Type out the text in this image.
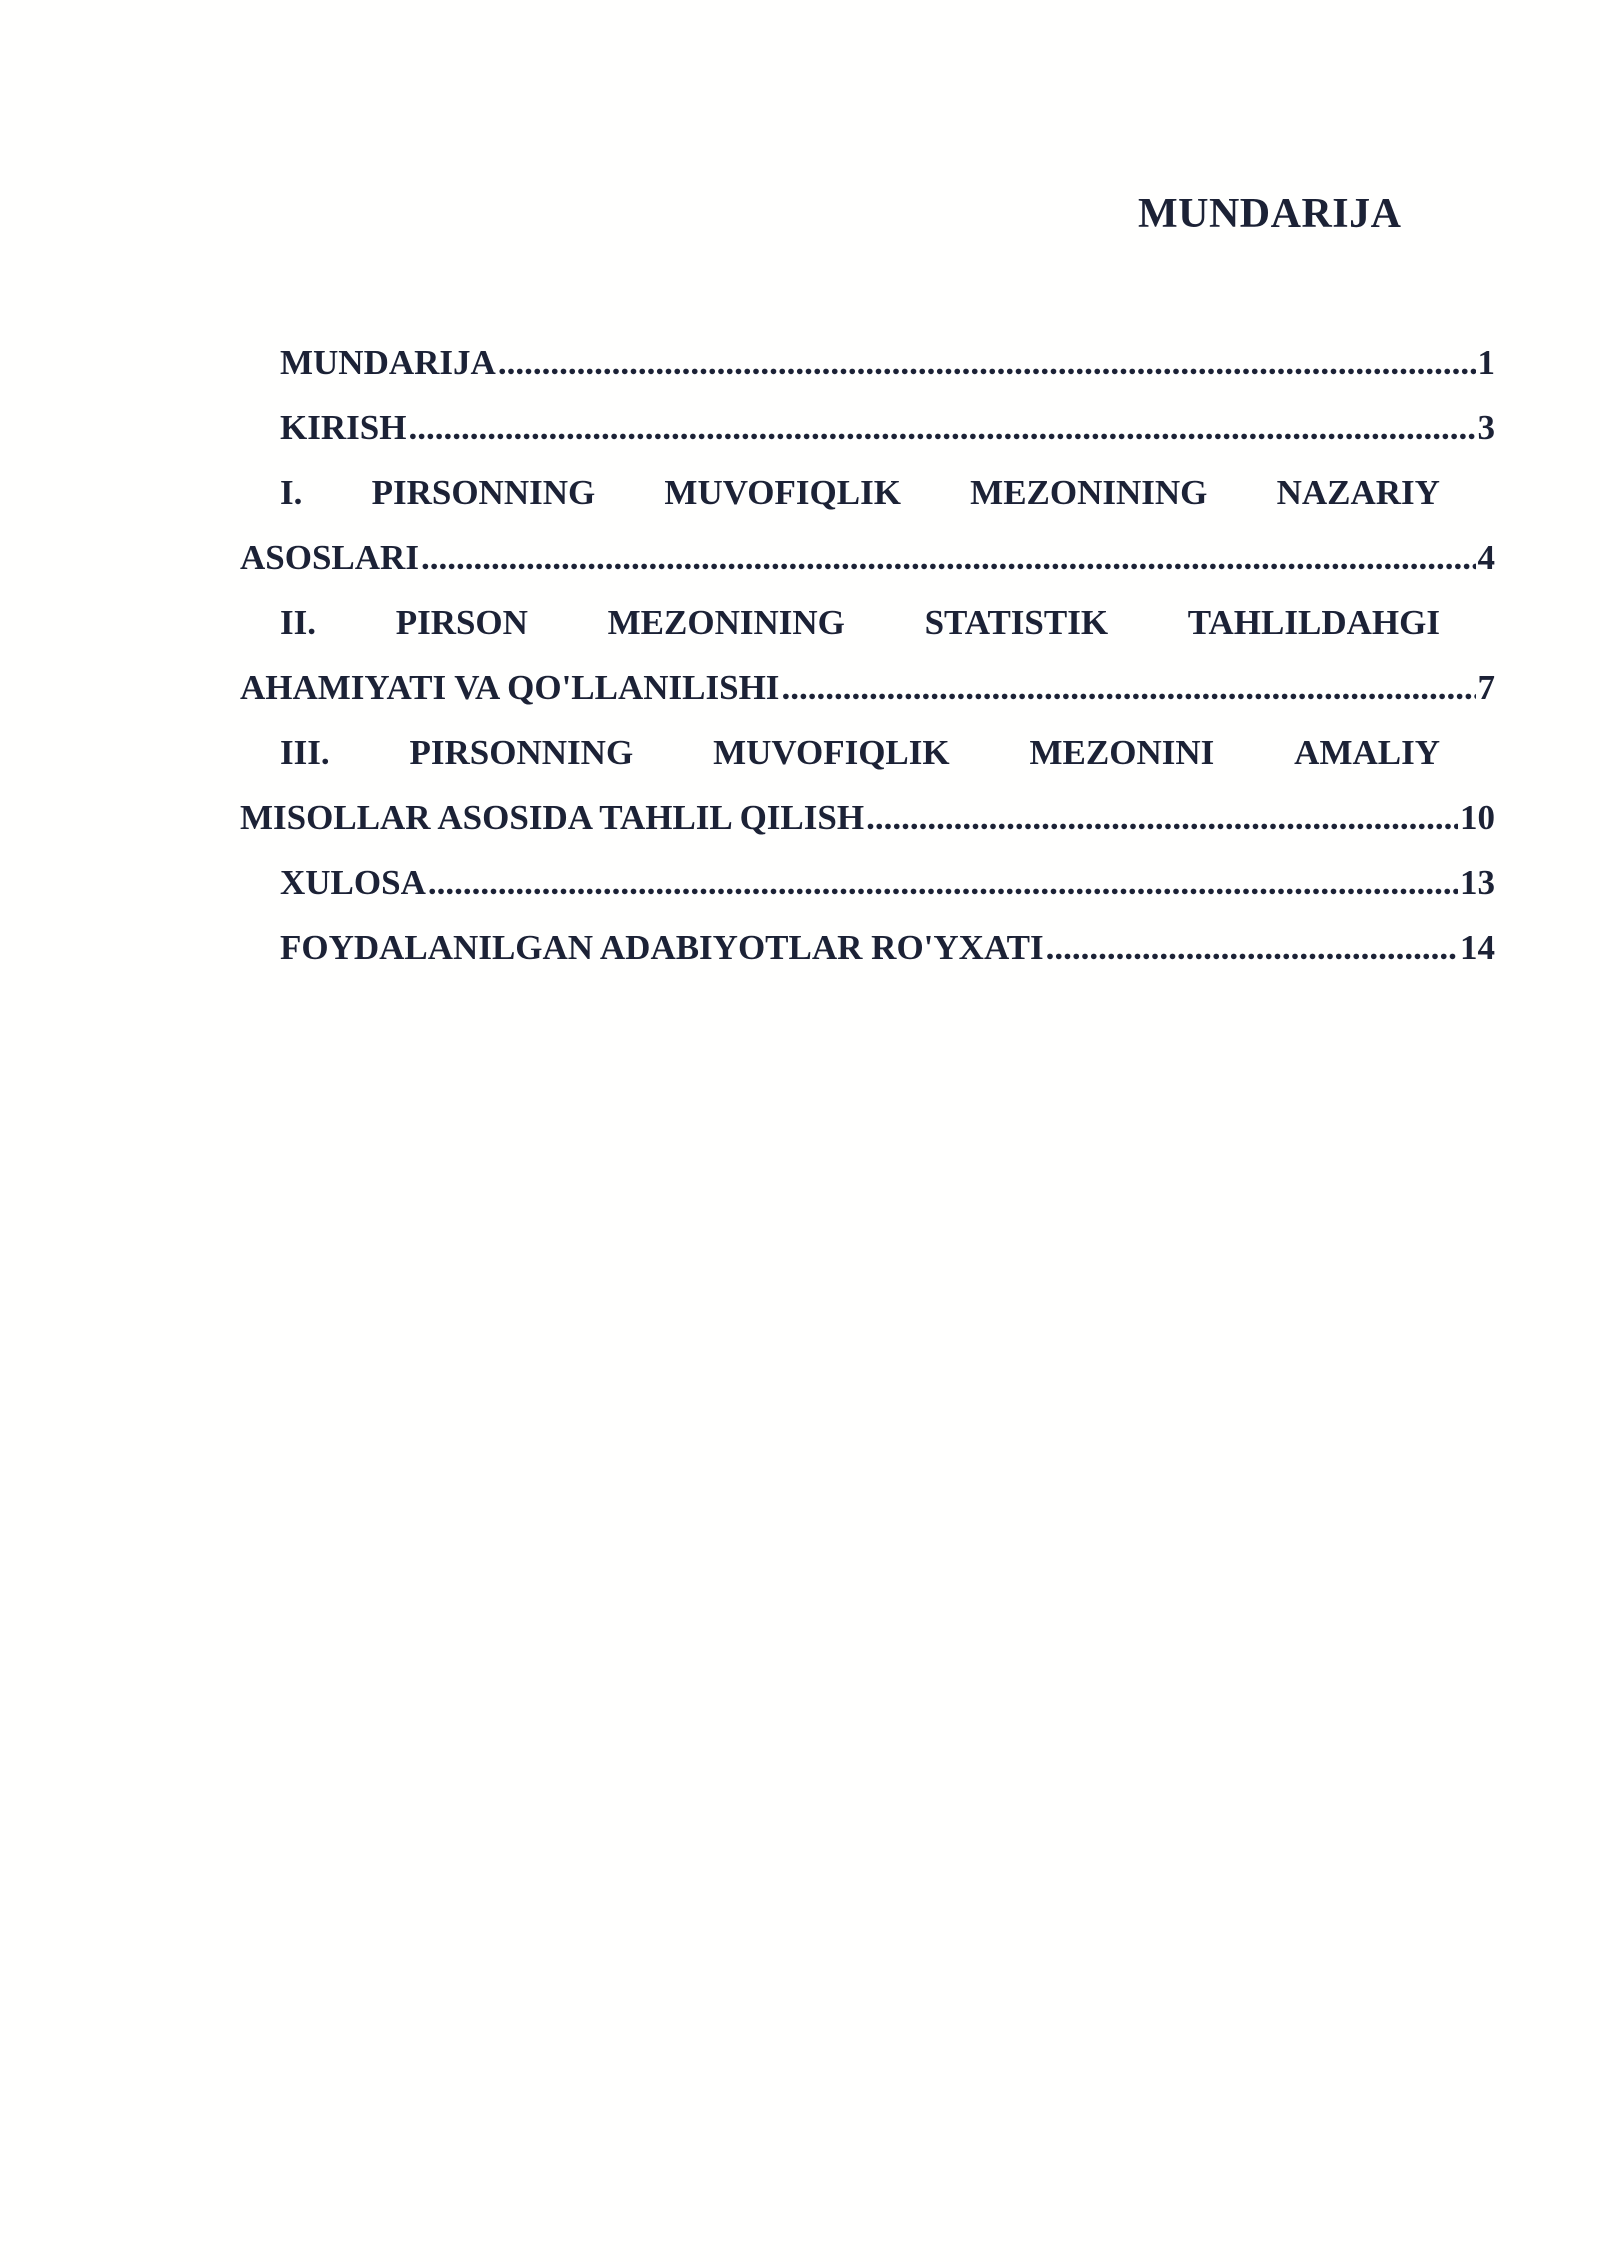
MUNDARIJA
MUNDARIJA .....	1
KIRISH .....	3
I. PIRSONNING MUVOFIQLIK MEZONINING NAZARIY
ASOSLARI .....	4
II. PIRSON MEZONINING STATISTIK TAHLILDAHGI
AHAMIYATI VA QO'LLANILISHI .....	7
III. PIRSONNING MUVOFIQLIK MEZONINI AMALIY
MISOLLAR ASOSIDA TAHLIL QILISH .....	10
XULOSA .....	13
FOYDALANILGAN ADABIYOTLAR RO'YXATI .....	14
